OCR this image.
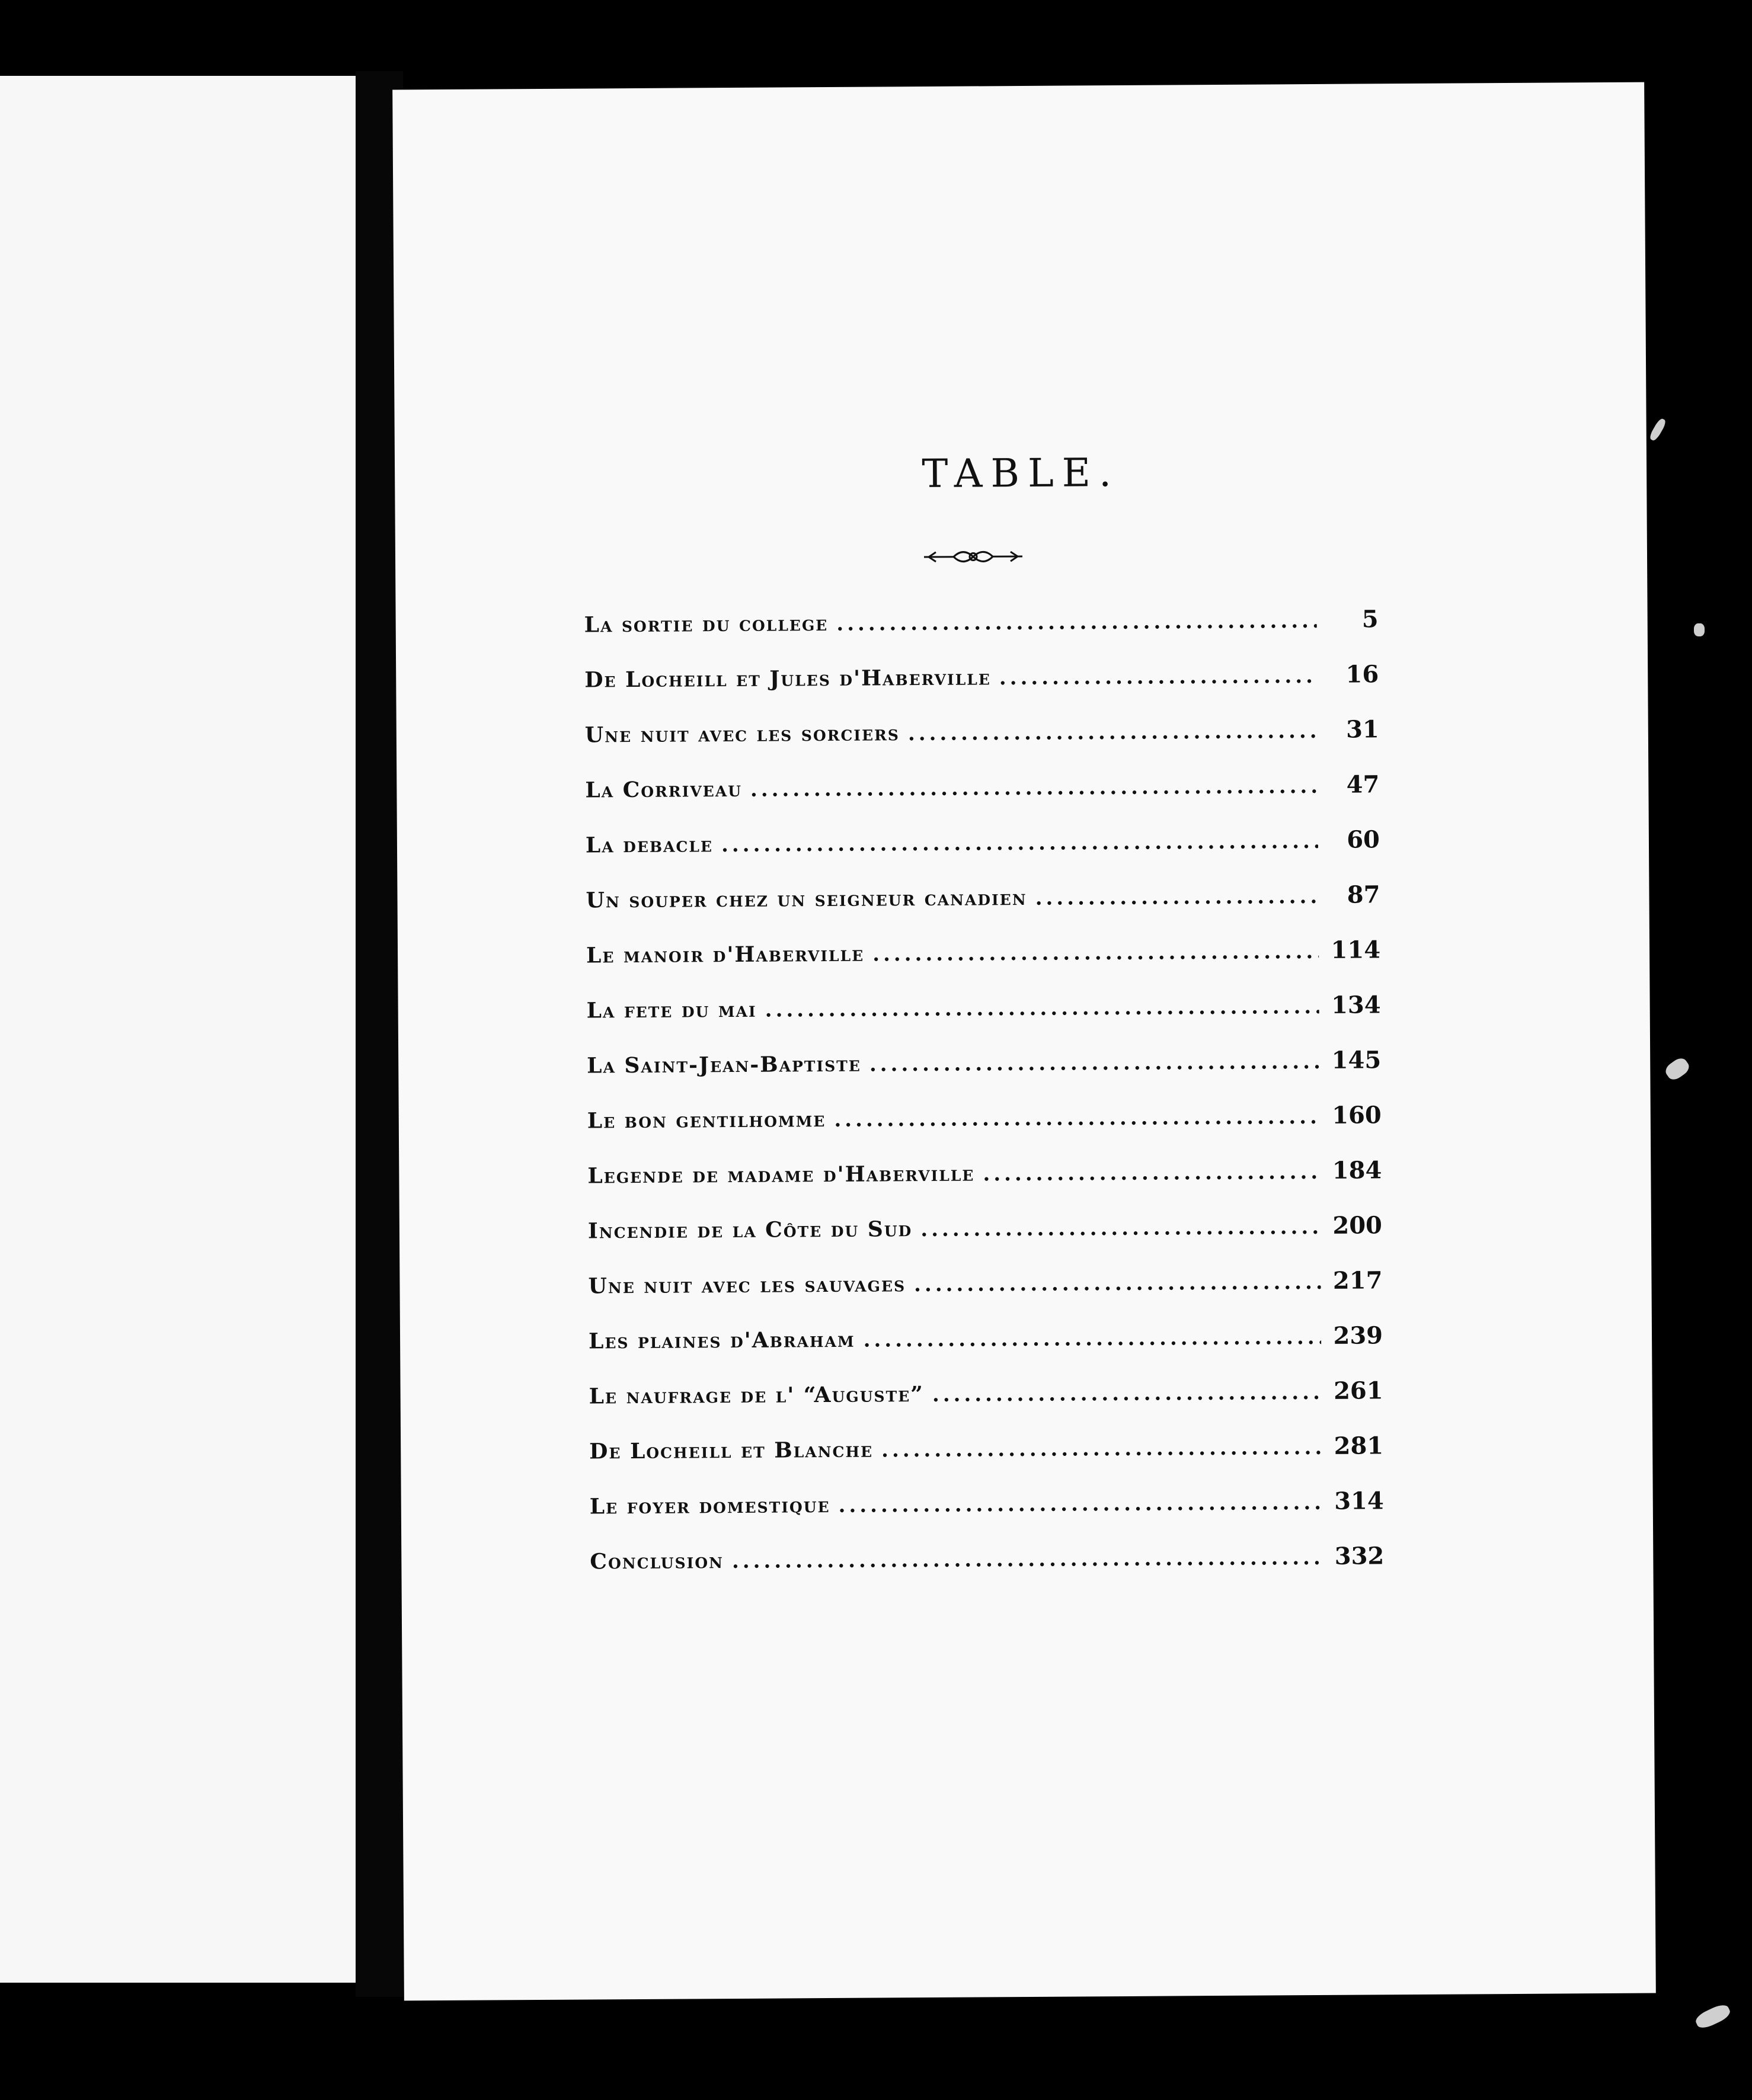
TABLE.
La sortie du college .....	5
De Locheill et Jules d'Haberville .....	16
Une nuit avec les sorciers .....	31
La Corriveau .....	47
La debacle .....	60
Un souper chez un seigneur canadien .....	87
Le manoir d'Haberville .....	114
La fete du mai .....	134
La Saint-Jean-Baptiste .....	145
Le bon gentilhomme .....	160
Legende de madame d'Haberville .....	184
Incendie de la Côte du Sud .....	200
Une nuit avec les sauvages .....	217
Les plaines d'Abraham .....	239
Le naufrage de l' “Auguste” .....	261
De Locheill et Blanche .....	281
Le foyer domestique .....	314
Conclusion .....	332
